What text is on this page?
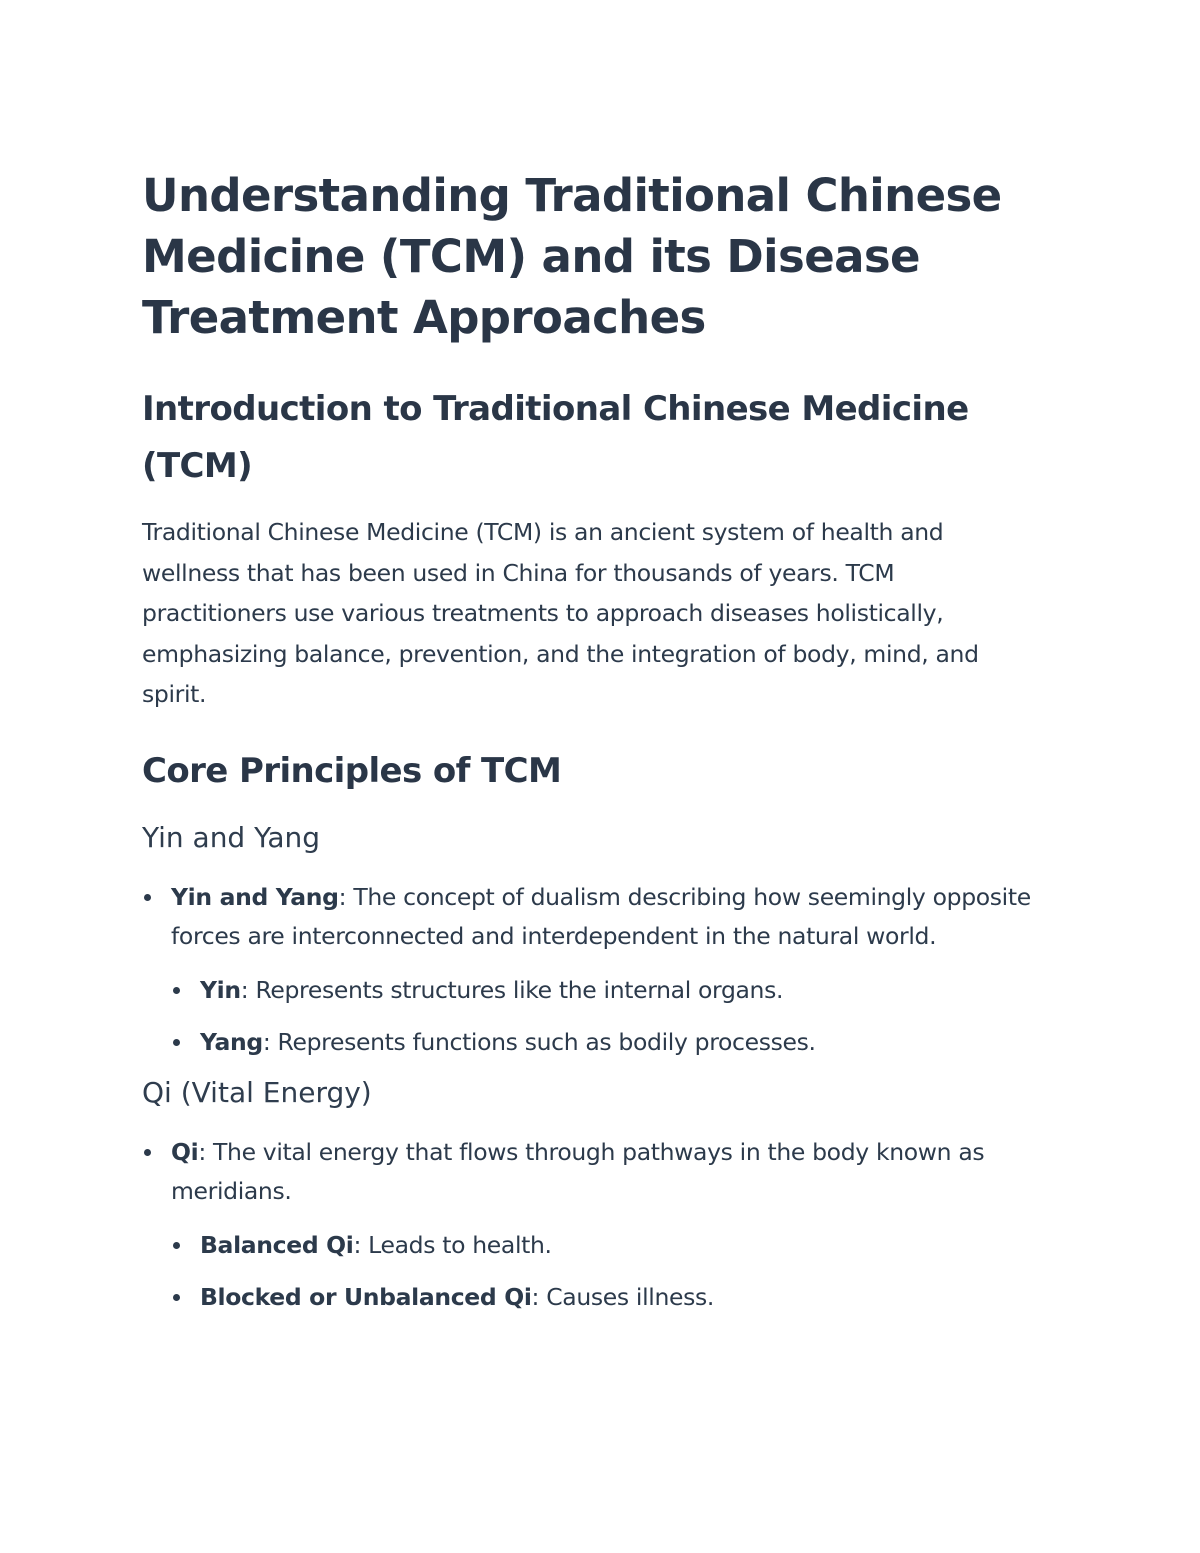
Understanding Traditional Chinese Medicine (TCM) and its Disease Treatment Approaches
Introduction to Traditional Chinese Medicine (TCM)

Traditional Chinese Medicine (TCM) is an ancient system of health and wellness that has been used in China for thousands of years. TCM practitioners use various treatments to approach diseases holistically, emphasizing balance, prevention, and the integration of body, mind, and spirit.

Core Principles of TCM
Yin and Yang
Yin and Yang: The concept of dualism describing how seemingly opposite forces are interconnected and interdependent in the natural world.
Yin: Represents structures like the internal organs.
Yang: Represents functions such as bodily processes.
Qi (Vital Energy)
Qi: The vital energy that flows through pathways in the body known as meridians.
Balanced Qi: Leads to health.
Blocked or Unbalanced Qi: Causes illness.
